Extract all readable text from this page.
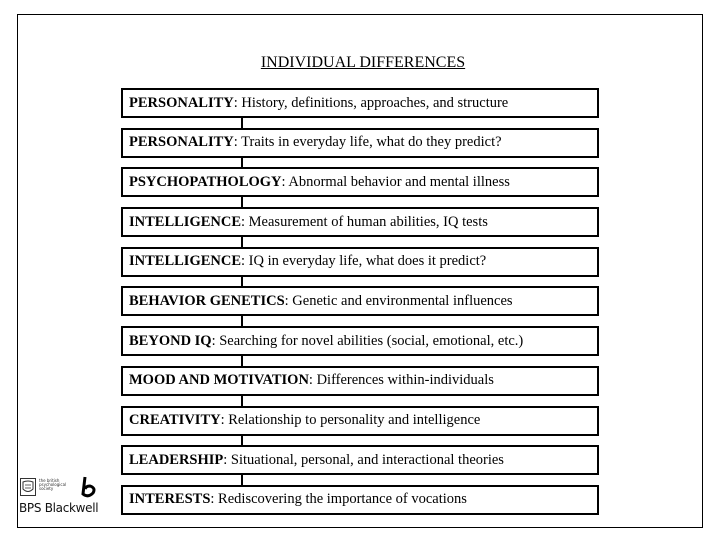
INDIVIDUAL DIFFERENCES
PERSONALITY : History, definitions, approaches, and structure
PERSONALITY : Traits in everyday life, what do they predict?
PSYCHOPATHOLOGY : Abnormal behavior and mental illness
INTELLIGENCE : Measurement of human abilities, IQ tests
INTELLIGENCE : IQ in everyday life, what does it predict?
BEHAVIOR GENETICS : Genetic and environmental influences
BEYOND IQ : Searching for novel abilities (social, emotional, etc.)
MOOD AND MOTIVATION : Differences within-individuals
CREATIVITY : Relationship to personality and intelligence
LEADERSHIP : Situational, personal, and interactional theories
INTERESTS : Rediscovering the importance of vocations
the british psychological society
BPS Blackwell
